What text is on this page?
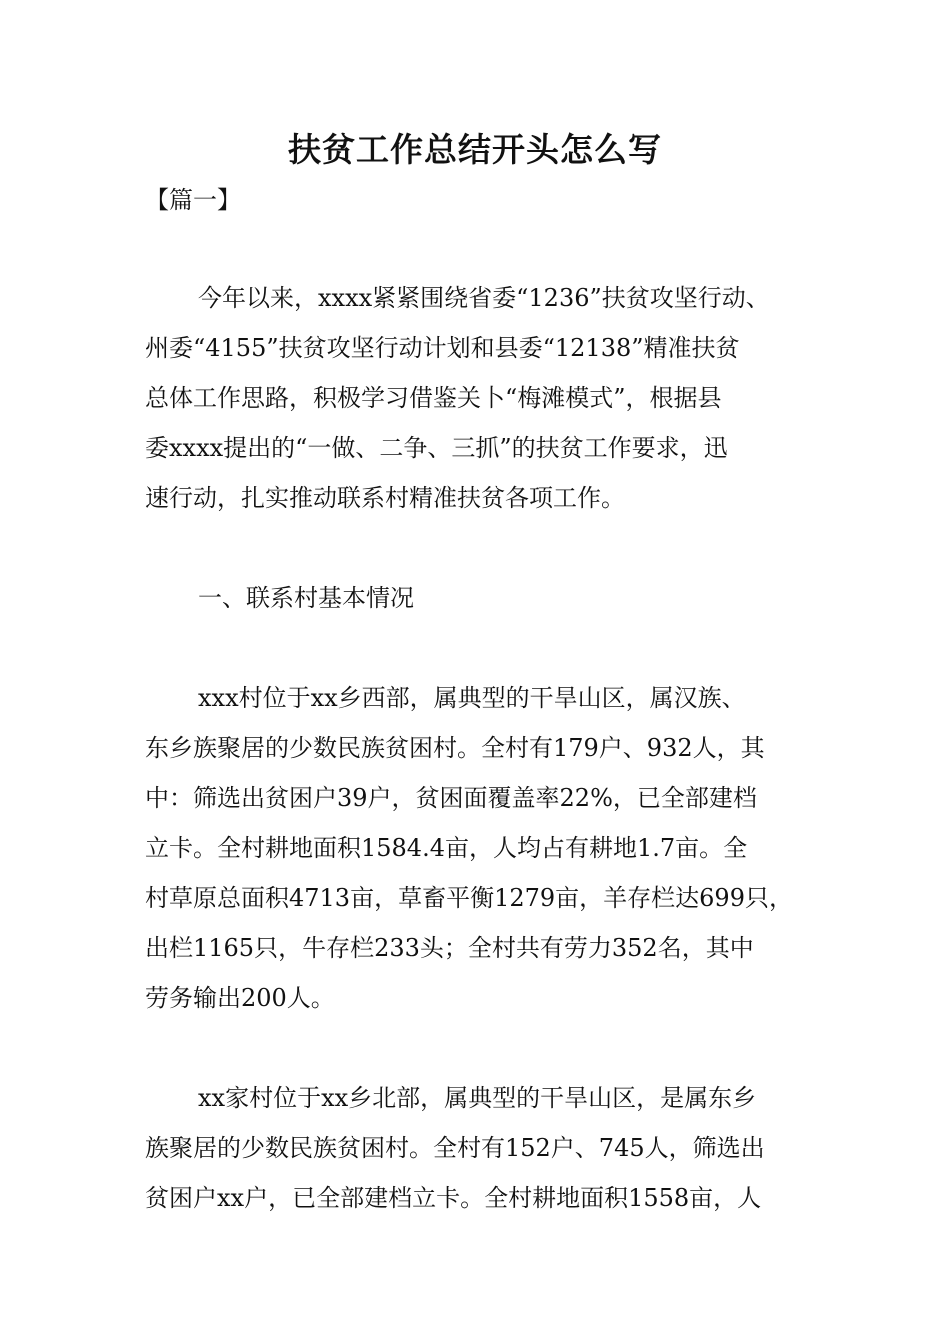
扶贫工作总结开头怎么写

【篇一】

今年以来，xxxx紧紧围绕省委“1236”扶贫攻坚行动、

州委“4155”扶贫攻坚行动计划和县委“12138”精准扶贫

总体工作思路，积极学习借鉴关卜“梅滩模式”，根据县

委xxxx提出的“一做、二争、三抓”的扶贫工作要求，迅

速行动，扎实推动联系村精准扶贫各项工作。

一、联系村基本情况

xxx村位于xx乡西部，属典型的干旱山区，属汉族、

东乡族聚居的少数民族贫困村。全村有179户、932人，其

中：筛选出贫困户39户，贫困面覆盖率22%，已全部建档

立卡。全村耕地面积1584.4亩，人均占有耕地1.7亩。全

村草原总面积4713亩，草畜平衡1279亩，羊存栏达699只，

出栏1165只，牛存栏233头；全村共有劳力352名，其中

劳务输出200人。

xx家村位于xx乡北部，属典型的干旱山区，是属东乡

族聚居的少数民族贫困村。全村有152户、745人，筛选出

贫困户xx户，已全部建档立卡。全村耕地面积1558亩，人
